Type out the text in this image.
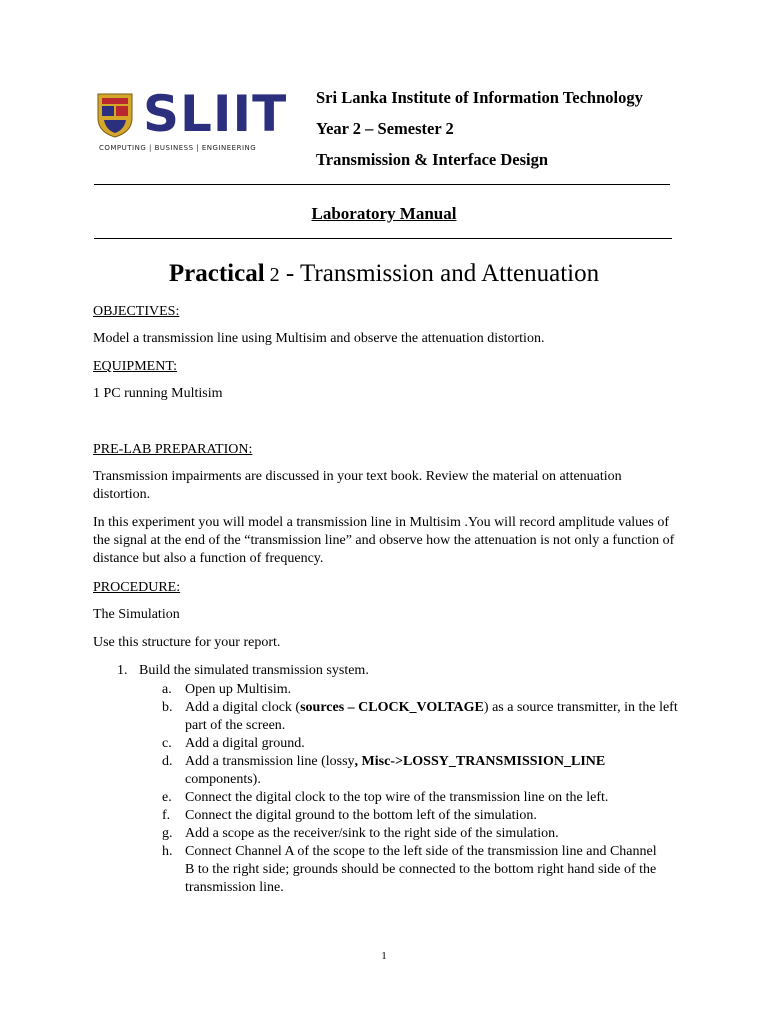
SLIIT
COMPUTING | BUSINESS | ENGINEERING
Sri Lanka Institute of Information Technology
Year 2 – Semester 2
Transmission & Interface Design
Laboratory Manual
Practical 2 - Transmission and Attenuation
OBJECTIVES:
Model a transmission line using Multisim and observe the attenuation distortion.
EQUIPMENT:
1 PC running Multisim
PRE-LAB PREPARATION:
Transmission impairments are discussed in your text book. Review the material on attenuation distortion.
In this experiment you will model a transmission line in Multisim .You will record amplitude values of the signal at the end of the “transmission line” and observe how the attenuation is not only a function of distance but also a function of frequency.
PROCEDURE:
The Simulation
Use this structure for your report.
1. Build the simulated transmission system.
a. Open up Multisim.
b. Add a digital clock (sources – CLOCK_VOLTAGE) as a source transmitter, in the left part of the screen.
c. Add a digital ground.
d. Add a transmission line (lossy, Misc->LOSSY_TRANSMISSION_LINE components).
e. Connect the digital clock to the top wire of the transmission line on the left.
f. Connect the digital ground to the bottom left of the simulation.
g. Add a scope as the receiver/sink to the right side of the simulation.
h. Connect Channel A of the scope to the left side of the transmission line and Channel B to the right side; grounds should be connected to the bottom right hand side of the transmission line.
1
